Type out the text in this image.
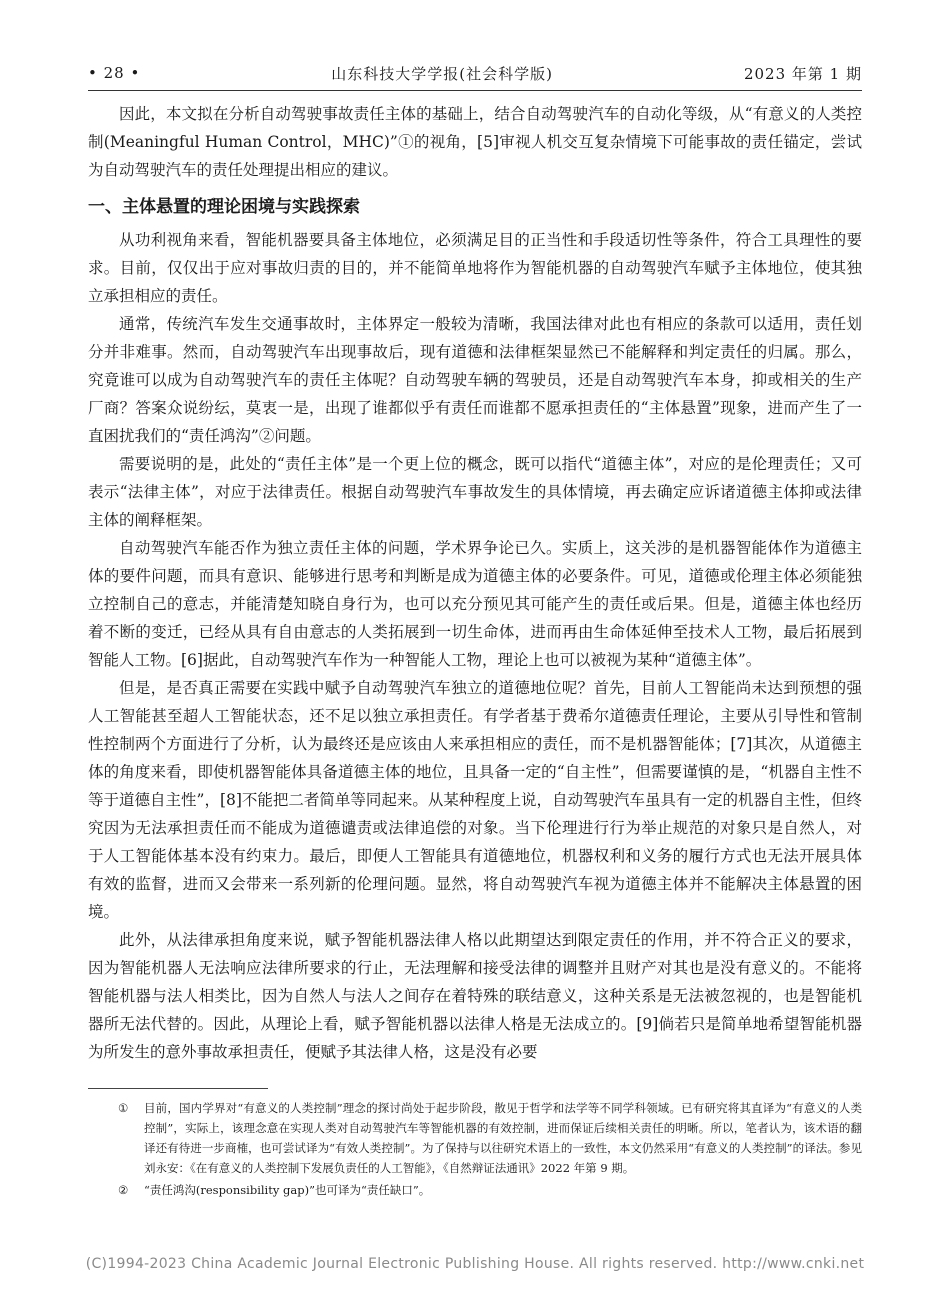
• 28 •	山东科技大学学报(社会科学版)	2023 年第 1 期

因此，本文拟在分析自动驾驶事故责任主体的基础上，结合自动驾驶汽车的自动化等级，从“有意义的人类控制(Meaningful Human Control，MHC)”①的视角，[5]审视人机交互复杂情境下可能事故的责任锚定，尝试为自动驾驶汽车的责任处理提出相应的建议。

一、主体悬置的理论困境与实践探索

从功利视角来看，智能机器要具备主体地位，必须满足目的正当性和手段适切性等条件，符合工具理性的要求。目前，仅仅出于应对事故归责的目的，并不能简单地将作为智能机器的自动驾驶汽车赋予主体地位，使其独立承担相应的责任。

通常，传统汽车发生交通事故时，主体界定一般较为清晰，我国法律对此也有相应的条款可以适用，责任划分并非难事。然而，自动驾驶汽车出现事故后，现有道德和法律框架显然已不能解释和判定责任的归属。那么，究竟谁可以成为自动驾驶汽车的责任主体呢？自动驾驶车辆的驾驶员，还是自动驾驶汽车本身，抑或相关的生产厂商？答案众说纷纭，莫衷一是，出现了谁都似乎有责任而谁都不愿承担责任的“主体悬置”现象，进而产生了一直困扰我们的“责任鸿沟”②问题。

需要说明的是，此处的“责任主体”是一个更上位的概念，既可以指代“道德主体”，对应的是伦理责任；又可表示“法律主体”，对应于法律责任。根据自动驾驶汽车事故发生的具体情境，再去确定应诉诸道德主体抑或法律主体的阐释框架。

自动驾驶汽车能否作为独立责任主体的问题，学术界争论已久。实质上，这关涉的是机器智能体作为道德主体的要件问题，而具有意识、能够进行思考和判断是成为道德主体的必要条件。可见，道德或伦理主体必须能独立控制自己的意志，并能清楚知晓自身行为，也可以充分预见其可能产生的责任或后果。但是，道德主体也经历着不断的变迁，已经从具有自由意志的人类拓展到一切生命体，进而再由生命体延伸至技术人工物，最后拓展到智能人工物。[6]据此，自动驾驶汽车作为一种智能人工物，理论上也可以被视为某种“道德主体”。

但是，是否真正需要在实践中赋予自动驾驶汽车独立的道德地位呢？首先，目前人工智能尚未达到预想的强人工智能甚至超人工智能状态，还不足以独立承担责任。有学者基于费希尔道德责任理论，主要从引导性和管制性控制两个方面进行了分析，认为最终还是应该由人来承担相应的责任，而不是机器智能体；[7]其次，从道德主体的角度来看，即使机器智能体具备道德主体的地位，且具备一定的“自主性”，但需要谨慎的是，“机器自主性不等于道德自主性”，[8]不能把二者简单等同起来。从某种程度上说，自动驾驶汽车虽具有一定的机器自主性，但终究因为无法承担责任而不能成为道德谴责或法律追偿的对象。当下伦理进行行为举止规范的对象只是自然人，对于人工智能体基本没有约束力。最后，即便人工智能具有道德地位，机器权利和义务的履行方式也无法开展具体有效的监督，进而又会带来一系列新的伦理问题。显然，将自动驾驶汽车视为道德主体并不能解决主体悬置的困境。

此外，从法律承担角度来说，赋予智能机器法律人格以此期望达到限定责任的作用，并不符合正义的要求，因为智能机器人无法响应法律所要求的行止，无法理解和接受法律的调整并且财产对其也是没有意义的。不能将智能机器与法人相类比，因为自然人与法人之间存在着特殊的联结意义，这种关系是无法被忽视的，也是智能机器所无法代替的。因此，从理论上看，赋予智能机器以法律人格是无法成立的。[9]倘若只是简单地希望智能机器为所发生的意外事故承担责任，便赋予其法律人格，这是没有必要

①	目前，国内学界对“有意义的人类控制”理念的探讨尚处于起步阶段，散见于哲学和法学等不同学科领域。已有研究将其直译为“有意义的人类控制”，实际上，该理念意在实现人类对自动驾驶汽车等智能机器的有效控制，进而保证后续相关责任的明晰。所以，笔者认为，该术语的翻译还有待进一步商榷，也可尝试译为“有效人类控制”。为了保持与以往研究术语上的一致性，本文仍然采用“有意义的人类控制”的译法。参见刘永安：《在有意义的人类控制下发展负责任的人工智能》，《自然辩证法通讯》2022 年第 9 期。
②	“责任鸿沟(responsibility gap)”也可译为“责任缺口”。
(C)1994-2023 China Academic Journal Electronic Publishing House. All rights reserved. http://www.cnki.net
